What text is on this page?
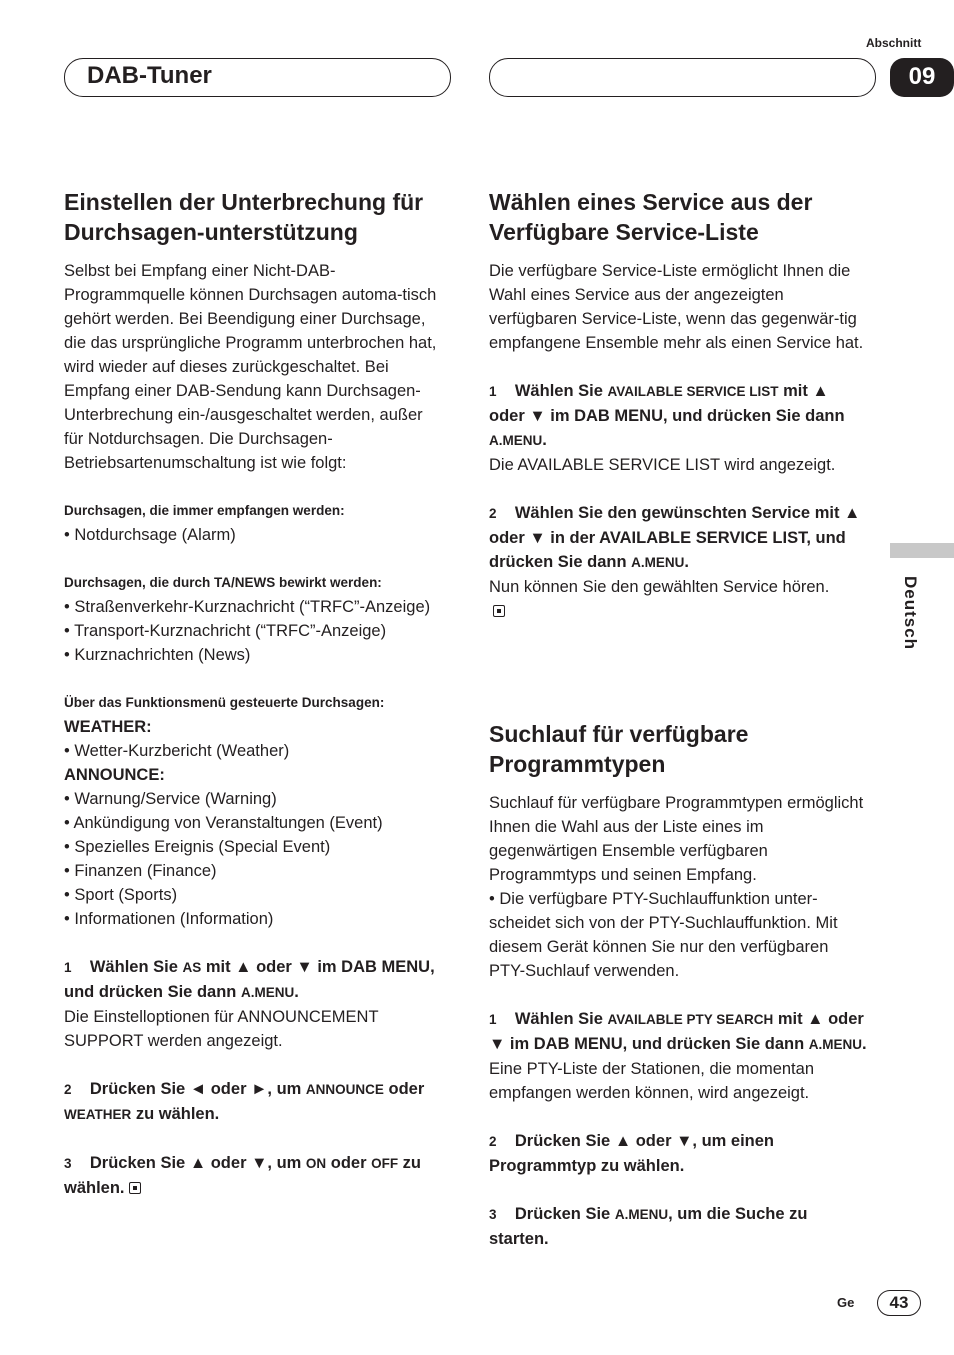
Abschnitt
DAB-Tuner	09
Deutsch
Einstellen der Unterbrechung für Durchsagen-unterstützung

Selbst bei Empfang einer Nicht-DAB-Programmquelle können Durchsagen automa-tisch gehört werden. Bei Beendigung einer Durchsage, die das ursprüngliche Programm unterbrochen hat, wird wieder auf dieses zurückgeschaltet. Bei Empfang einer DAB-Sendung kann Durchsagen-Unterbrechung ein-/ausgeschaltet werden, außer für Notdurchsagen. Die Durchsagen-Betriebsartenumschaltung ist wie folgt:

Durchsagen, die immer empfangen werden:

• Notdurchsage (Alarm)

Durchsagen, die durch TA/NEWS bewirkt werden:

• Straßenverkehr-Kurznachricht (“TRFC”-Anzeige)

• Transport-Kurznachricht (“TRFC”-Anzeige)

• Kurznachrichten (News)

Über das Funktionsmenü gesteuerte Durchsagen:

WEATHER:

• Wetter-Kurzbericht (Weather)

ANNOUNCE:

• Warnung/Service (Warning)

• Ankündigung von Veranstaltungen (Event)

• Spezielles Ereignis (Special Event)

• Finanzen (Finance)

• Sport (Sports)

• Informationen (Information)

1 Wählen Sie AS mit ▲ oder ▼ im DAB MENU, und drücken Sie dann A.MENU.

Die Einstelloptionen für ANNOUNCEMENT SUPPORT werden angezeigt.

2 Drücken Sie ◄ oder ►, um ANNOUNCE oder WEATHER zu wählen.

3 Drücken Sie ▲ oder ▼, um ON oder OFF zu wählen.

Wählen eines Service aus der Verfügbare Service-Liste

Die verfügbare Service-Liste ermöglicht Ihnen die Wahl eines Service aus der angezeigten verfügbaren Service-Liste, wenn das gegenwär-tig empfangene Ensemble mehr als einen Service hat.

1 Wählen Sie AVAILABLE SERVICE LIST mit ▲ oder ▼ im DAB MENU, und drücken Sie dann A.MENU.

Die AVAILABLE SERVICE LIST wird angezeigt.

2 Wählen Sie den gewünschten Service mit ▲ oder ▼ in der AVAILABLE SERVICE LIST, und drücken Sie dann A.MENU.

Nun können Sie den gewählten Service hören.

Suchlauf für verfügbare Programmtypen

Suchlauf für verfügbare Programmtypen ermöglicht Ihnen die Wahl aus der Liste eines im gegenwärtigen Ensemble verfügbaren Programmtyps und seinen Empfang.

• Die verfügbare PTY-Suchlauffunktion unter-scheidet sich von der PTY-Suchlauffunktion. Mit diesem Gerät können Sie nur den verfügbaren PTY-Suchlauf verwenden.

1 Wählen Sie AVAILABLE PTY SEARCH mit ▲ oder ▼ im DAB MENU, und drücken Sie dann A.MENU.

Eine PTY-Liste der Stationen, die momentan empfangen werden können, wird angezeigt.

2 Drücken Sie ▲ oder ▼, um einen Programmtyp zu wählen.

3 Drücken Sie A.MENU, um die Suche zu starten.

Ge	43
